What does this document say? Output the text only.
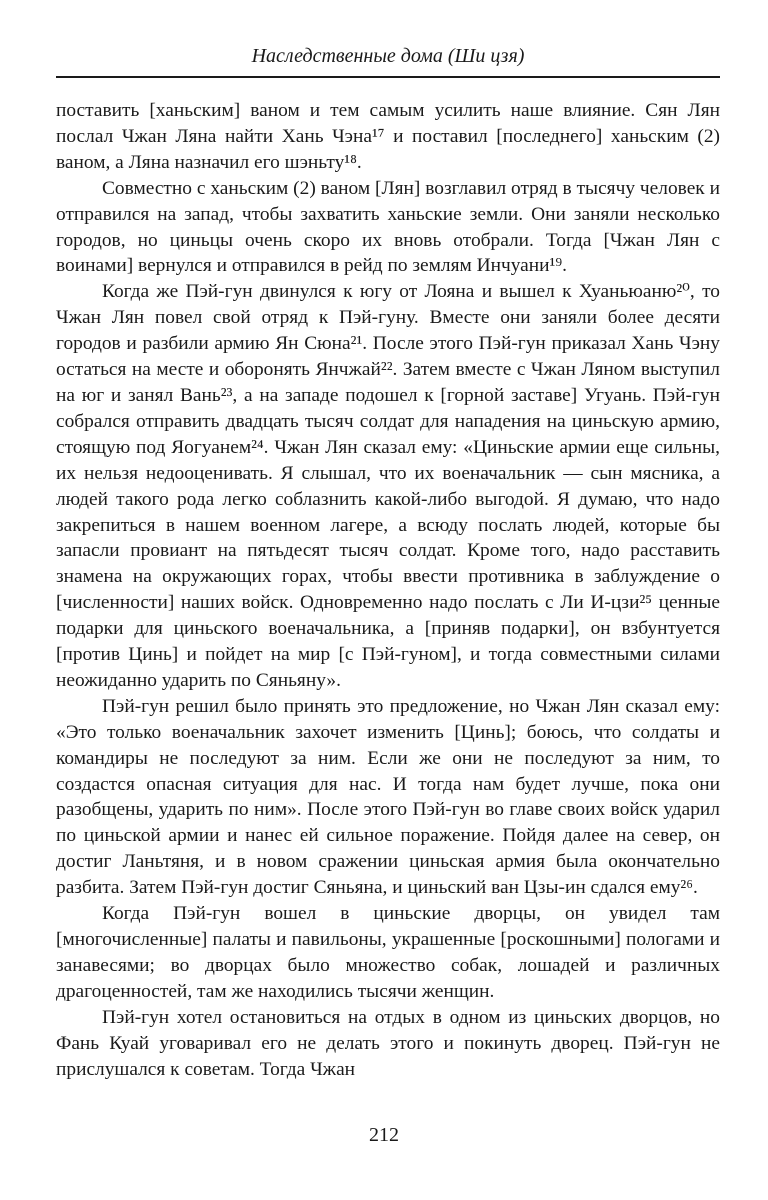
Наследственные дома (Ши цзя)

поставить [ханьским] ваном и тем самым усилить наше влияние. Сян Лян послал Чжан Ляна найти Хань Чэна¹⁷ и поставил [последнего] ханьским (2) ваном, а Ляна назначил его шэньту¹⁸.

Совместно с ханьским (2) ваном [Лян] возглавил отряд в тысячу человек и отправился на запад, чтобы захватить ханьские земли. Они заняли несколько городов, но циньцы очень скоро их вновь отобрали. Тогда [Чжан Лян с воинами] вернулся и отправился в рейд по землям Инчуани¹⁹.

Когда же Пэй-гун двинулся к югу от Лояна и вышел к Хуаньюаню²⁰, то Чжан Лян повел свой отряд к Пэй-гуну. Вместе они заняли более десяти городов и разбили армию Ян Сюна²¹. После этого Пэй-гун приказал Хань Чэну остаться на месте и оборонять Янчжай²². Затем вместе с Чжан Ляном выступил на юг и занял Вань²³, а на западе подошел к [горной заставе] Угуань. Пэй-гун собрался отправить двадцать тысяч солдат для нападения на циньскую армию, стоящую под Яогуанем²⁴. Чжан Лян сказал ему: «Циньские армии еще сильны, их нельзя недооценивать. Я слышал, что их военачальник — сын мясника, а людей такого рода легко соблазнить какой-либо выгодой. Я думаю, что надо закрепиться в нашем военном лагере, а всюду послать людей, которые бы запасли провиант на пятьдесят тысяч солдат. Кроме того, надо расставить знамена на окружающих горах, чтобы ввести противника в заблуждение о [численности] наших войск. Одновременно надо послать с Ли И-цзи²⁵ ценные подарки для циньского военачальника, а [приняв подарки], он взбунтуется [против Цинь] и пойдет на мир [с Пэй-гуном], и тогда совместными силами неожиданно ударить по Сяньяну».

Пэй-гун решил было принять это предложение, но Чжан Лян сказал ему: «Это только военачальник захочет изменить [Цинь]; боюсь, что солдаты и командиры не последуют за ним. Если же они не последуют за ним, то создастся опасная ситуация для нас. И тогда нам будет лучше, пока они разобщены, ударить по ним». После этого Пэй-гун во главе своих войск ударил по циньской армии и нанес ей сильное поражение. Пойдя далее на север, он достиг Ланьтяня, и в новом сражении циньская армия была окончательно разбита. Затем Пэй-гун достиг Сяньяна, и циньский ван Цзы-ин сдался ему²⁶.

Когда Пэй-гун вошел в циньские дворцы, он увидел там [многочисленные] палаты и павильоны, украшенные [роскошными] пологами и занавесями; во дворцах было множество собак, лошадей и различных драгоценностей, там же находились тысячи женщин.

Пэй-гун хотел остановиться на отдых в одном из циньских дворцов, но Фань Куай уговаривал его не делать этого и покинуть дворец. Пэй-гун не прислушался к советам. Тогда Чжан

212
